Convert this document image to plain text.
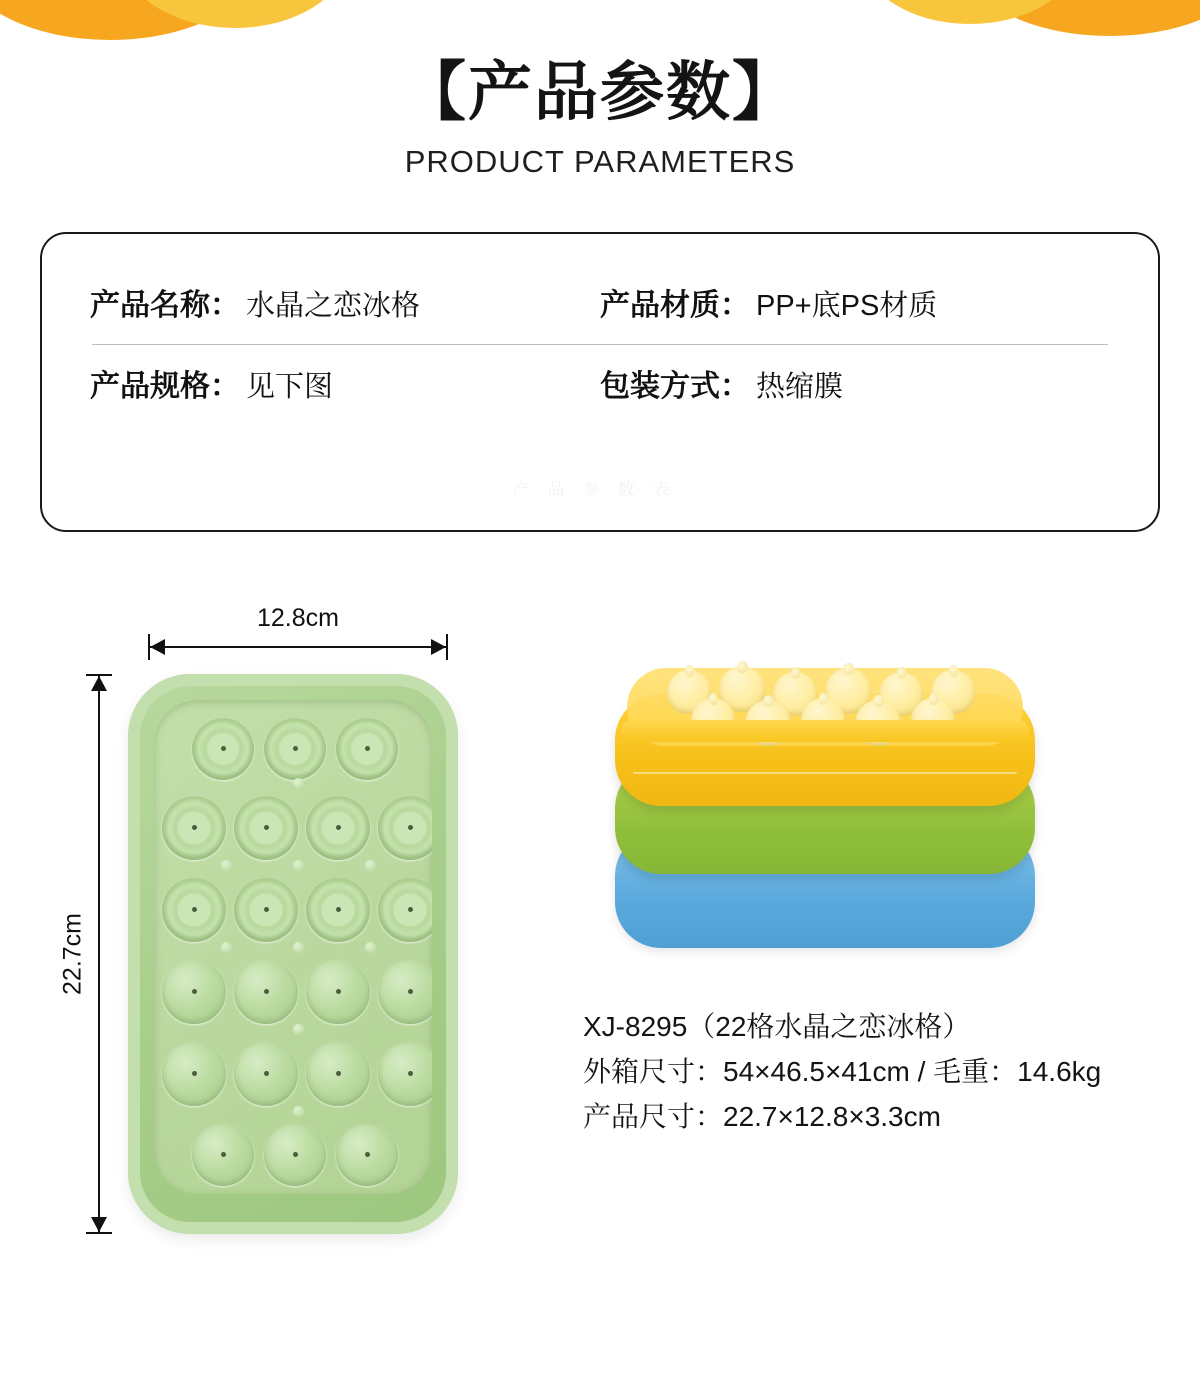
【产品参数】
PRODUCT PARAMETERS
产品名称： 水晶之恋冰格	产品材质： PP+底PS材质
产品规格： 见下图	包装方式： 热缩膜
产品参数表
12.8cm
22.7cm
XJ-8295（22格水晶之恋冰格）
外箱尺寸：54×46.5×41cm / 毛重：14.6kg
产品尺寸：22.7×12.8×3.3cm
